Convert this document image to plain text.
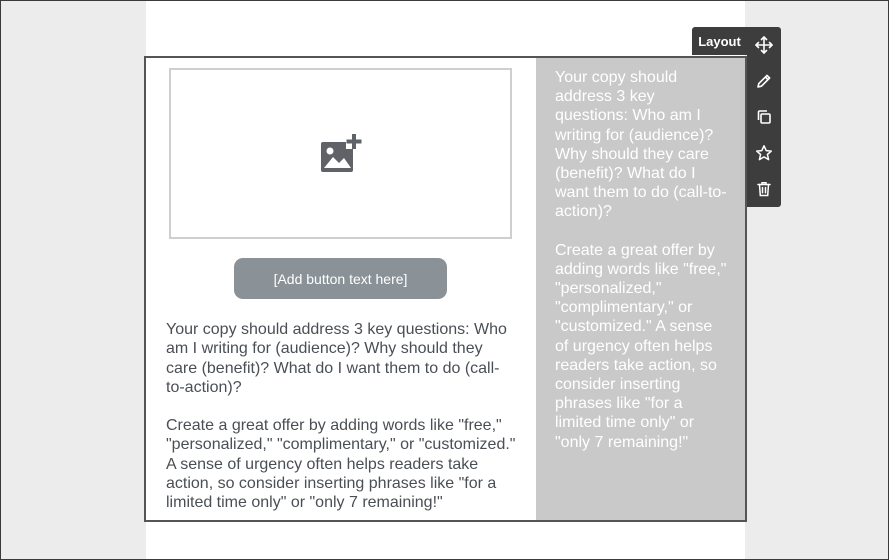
[Add button text here]

Your copy should address 3 key questions: Who am I writing for (audience)? Why should they care (benefit)? What do I want them to do (call-to-action)?

Create a great offer by adding words like "free," "personalized," "complimentary," or "customized." A sense of urgency often helps readers take action, so consider inserting phrases like "for a limited time only" or "only 7 remaining!"

Your copy should address 3 key questions: Who am I writing for (audience)? Why should they care (benefit)? What do I want them to do (call-to-action)?

Create a great offer by adding words like "free," "personalized," "complimentary," or "customized." A sense of urgency often helps readers take action, so consider inserting phrases like "for a limited time only" or "only 7 remaining!"

Layout
